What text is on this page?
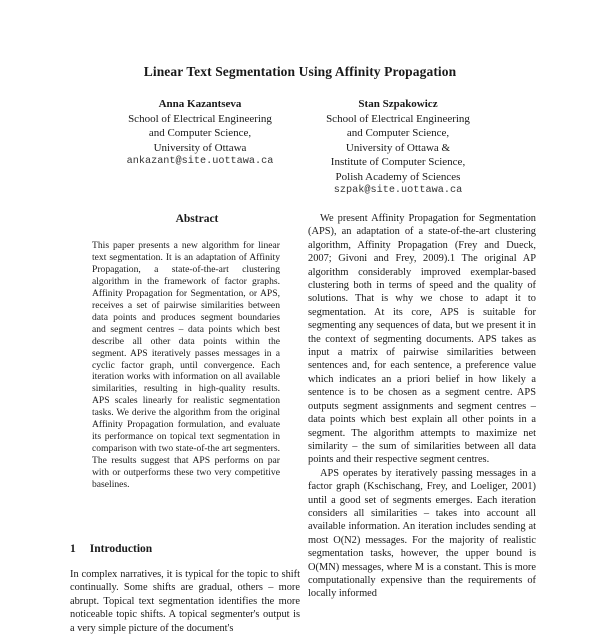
Linear Text Segmentation Using Affinity Propagation
Anna Kazantseva
School of Electrical Engineering
and Computer Science,
University of Ottawa
ankazant@site.uottawa.ca
Stan Szpakowicz
School of Electrical Engineering
and Computer Science,
University of Ottawa &
Institute of Computer Science,
Polish Academy of Sciences
szpak@site.uottawa.ca
Abstract
This paper presents a new algorithm for linear text segmentation. It is an adaptation of Affinity Propagation, a state-of-the-art clustering algorithm in the framework of factor graphs. Affinity Propagation for Segmentation, or APS, receives a set of pairwise similarities between data points and produces segment boundaries and segment centres – data points which best describe all other data points within the segment. APS iteratively passes messages in a cyclic factor graph, until convergence. Each iteration works with information on all available similarities, resulting in high-quality results. APS scales linearly for realistic segmentation tasks. We derive the algorithm from the original Affinity Propagation formulation, and evaluate its performance on topical text segmentation in comparison with two state-of-the art segmenters. The results suggest that APS performs on par with or outperforms these two very competitive baselines.
1 Introduction

In complex narratives, it is typical for the topic to shift continually. Some shifts are gradual, others – more abrupt. Topical text segmentation identifies the more noticeable topic shifts. A topical segmenter's output is a very simple picture of the document's

We present Affinity Propagation for Segmentation (APS), an adaptation of a state-of-the-art clustering algorithm, Affinity Propagation (Frey and Dueck, 2007; Givoni and Frey, 2009).1 The original AP algorithm considerably improved exemplar-based clustering both in terms of speed and the quality of solutions. That is why we chose to adapt it to segmentation. At its core, APS is suitable for segmenting any sequences of data, but we present it in the context of segmenting documents. APS takes as input a matrix of pairwise similarities between sentences and, for each sentence, a preference value which indicates an a priori belief in how likely a sentence is to be chosen as a segment centre. APS outputs segment assignments and segment centres – data points which best explain all other points in a segment. The algorithm attempts to maximize net similarity – the sum of similarities between all data points and their respective segment centres.

APS operates by iteratively passing messages in a factor graph (Kschischang, Frey, and Loeliger, 2001) until a good set of segments emerges. Each iteration considers all similarities – takes into account all available information. An iteration includes sending at most O(N2) messages. For the majority of realistic segmentation tasks, however, the upper bound is O(MN) messages, where M is a constant. This is more computationally expensive than the requirements of locally informed
